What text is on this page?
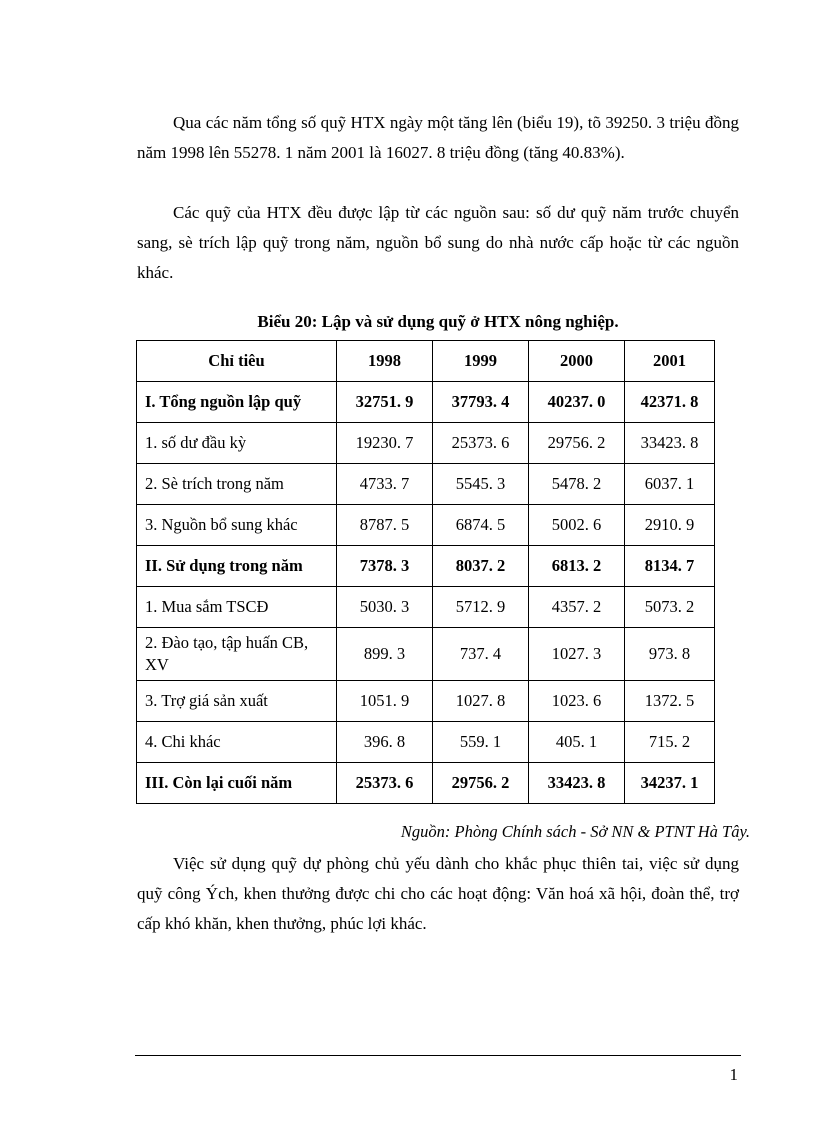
Qua các năm tổng số quỹ HTX ngày một tăng lên (biểu 19), tõ 39250. 3 triệu đồng năm 1998 lên 55278. 1 năm 2001 là 16027. 8 triệu đồng (tăng 40.83%).

Các quỹ của HTX đều được lập từ các nguồn sau: số dư quỹ năm trước chuyển sang, sè trích lập quỹ trong năm, nguồn bổ sung do nhà nước cấp hoặc từ các nguồn khác.

Biểu 20: Lập và sử dụng quỹ ở HTX nông nghiệp.

Chỉ tiêu	1998	1999	2000	2001
I. Tổng nguồn lập quỹ	32751. 9	37793. 4	40237. 0	42371. 8
1. số dư đầu kỳ	19230. 7	25373. 6	29756. 2	33423. 8
2. Sè trích trong năm	4733. 7	5545. 3	5478. 2	6037. 1
3. Nguồn bổ sung khác	8787. 5	6874. 5	5002. 6	2910. 9
II. Sử dụng trong năm	7378. 3	8037. 2	6813. 2	8134. 7
1. Mua sắm TSCĐ	5030. 3	5712. 9	4357. 2	5073. 2
2. Đào tạo, tập huấn CB, XV	899. 3	737. 4	1027. 3	973. 8
3. Trợ giá sản xuất	1051. 9	1027. 8	1023. 6	1372. 5
4. Chi khác	396. 8	559. 1	405. 1	715. 2
III. Còn lại cuối năm	25373. 6	29756. 2	33423. 8	34237. 1

Nguồn: Phòng Chính sách - Sở NN & PTNT Hà Tây.

Việc sử dụng quỹ dự phòng chủ yếu dành cho khắc phục thiên tai, việc sử dụng quỹ công Ých, khen thưởng được chi cho các hoạt động: Văn hoá xã hội, đoàn thể, trợ cấp khó khăn, khen thưởng, phúc lợi khác.

1
